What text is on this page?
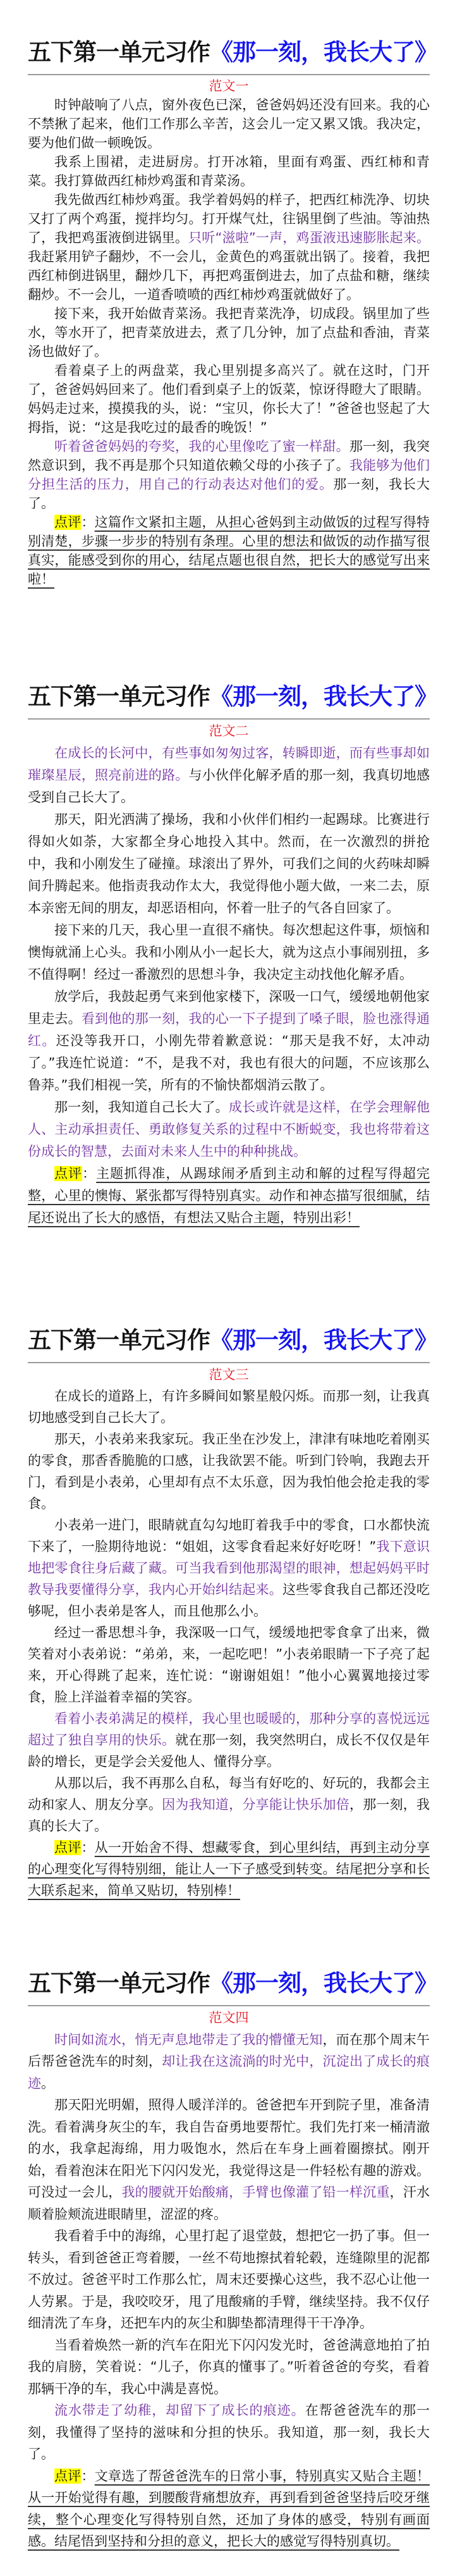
五下第一单元习作《那一刻，我长大了》
范文一

时钟敲响了八点，窗外夜色已深，爸爸妈妈还没有回来。我的心不禁揪了起来，他们工作那么辛苦，这会儿一定又累又饿。我决定，要为他们做一顿晚饭。

我系上围裙，走进厨房。打开冰箱，里面有鸡蛋、西红柿和青菜。我打算做西红柿炒鸡蛋和青菜汤。

我先做西红柿炒鸡蛋。我学着妈妈的样子，把西红柿洗净、切块又打了两个鸡蛋，搅拌均匀。打开煤气灶，往锅里倒了些油。等油热了，我把鸡蛋液倒进锅里。只听“滋啦”一声，鸡蛋液迅速膨胀起来。我赶紧用铲子翻炒，不一会儿，金黄色的鸡蛋就出锅了。接着，我把西红柿倒进锅里，翻炒几下，再把鸡蛋倒进去，加了点盐和糖，继续翻炒。不一会儿，一道香喷喷的西红柿炒鸡蛋就做好了。

接下来，我开始做青菜汤。我把青菜洗净，切成段。锅里加了些水，等水开了，把青菜放进去，煮了几分钟，加了点盐和香油，青菜汤也做好了。

看着桌子上的两盘菜，我心里别提多高兴了。就在这时，门开了，爸爸妈妈回来了。他们看到桌子上的饭菜，惊讶得瞪大了眼睛。妈妈走过来，摸摸我的头，说：“宝贝，你长大了！”爸爸也竖起了大拇指，说：“这是我吃过的最香的晚饭！”

听着爸爸妈妈的夸奖，我的心里像吃了蜜一样甜。那一刻，我突然意识到，我不再是那个只知道依赖父母的小孩子了。我能够为他们分担生活的压力，用自己的行动表达对他们的爱。那一刻，我长大了。

点评：这篇作文紧扣主题，从担心爸妈到主动做饭的过程写得特别清楚，步骤一步步的特别有条理。心里的想法和做饭的动作描写很真实，能感受到你的用心，结尾点题也很自然，把长大的感觉写出来啦！

五下第一单元习作《那一刻，我长大了》
范文二

在成长的长河中，有些事如匆匆过客，转瞬即逝，而有些事却如璀璨星辰，照亮前进的路。与小伙伴化解矛盾的那一刻，我真切地感受到自己长大了。

那天，阳光洒满了操场，我和小伙伴们相约一起踢球。比赛进行得如火如荼，大家都全身心地投入其中。然而，在一次激烈的拼抢中，我和小刚发生了碰撞。球滚出了界外，可我们之间的火药味却瞬间升腾起来。他指责我动作太大，我觉得他小题大做，一来二去，原本亲密无间的朋友，却恶语相向，怀着一肚子的气各自回家了。

接下来的几天，我心里一直很不痛快。每次想起这件事，烦恼和懊悔就涌上心头。我和小刚从小一起长大，就为这点小事闹别扭，多不值得啊！经过一番激烈的思想斗争，我决定主动找他化解矛盾。

放学后，我鼓起勇气来到他家楼下，深吸一口气，缓缓地朝他家里走去。看到他的那一刻，我的心一下子提到了嗓子眼，脸也涨得通红。还没等我开口，小刚先带着歉意说：“那天是我不好，太冲动了。”我连忙说道：“不，是我不对，我也有很大的问题，不应该那么鲁莽。”我们相视一笑，所有的不愉快都烟消云散了。

那一刻，我知道自己长大了。成长或许就是这样，在学会理解他人、主动承担责任、勇敢修复关系的过程中不断蜕变，我也将带着这份成长的智慧，去面对未来人生中的种种挑战。

点评：主题抓得准，从踢球闹矛盾到主动和解的过程写得超完整，心里的懊悔、紧张都写得特别真实。动作和神态描写很细腻，结尾还说出了长大的感悟，有想法又贴合主题，特别出彩！

五下第一单元习作《那一刻，我长大了》
范文三

在成长的道路上，有许多瞬间如繁星般闪烁。而那一刻，让我真切地感受到自己长大了。

那天，小表弟来我家玩。我正坐在沙发上，津津有味地吃着刚买的零食，那香香脆脆的口感，让我欲罢不能。听到门铃响，我跑去开门，看到是小表弟，心里却有点不太乐意，因为我怕他会抢走我的零食。

小表弟一进门，眼睛就直勾勾地盯着我手中的零食，口水都快流下来了，一脸期待地说：“姐姐，这零食看起来好好吃呀！”我下意识地把零食往身后藏了藏。可当我看到他那渴望的眼神，想起妈妈平时教导我要懂得分享，我内心开始纠结起来。这些零食我自己都还没吃够呢，但小表弟是客人，而且他那么小。

经过一番思想斗争，我深吸一口气，缓缓地把零食拿了出来，微笑着对小表弟说：“弟弟，来，一起吃吧！”小表弟眼睛一下子亮了起来，开心得跳了起来，连忙说：“谢谢姐姐！”他小心翼翼地接过零食，脸上洋溢着幸福的笑容。

看着小表弟满足的模样，我心里也暖暖的，那种分享的喜悦远远超过了独自享用的快乐。就在那一刻，我突然明白，成长不仅仅是年龄的增长，更是学会关爱他人、懂得分享。

从那以后，我不再那么自私，每当有好吃的、好玩的，我都会主动和家人、朋友分享。因为我知道，分享能让快乐加倍，那一刻，我真的长大了。

点评：从一开始舍不得、想藏零食，到心里纠结，再到主动分享的心理变化写得特别细，能让人一下子感受到转变。结尾把分享和长大联系起来，简单又贴切，特别棒！

五下第一单元习作《那一刻，我长大了》
范文四

时间如流水，悄无声息地带走了我的懵懂无知，而在那个周末午后帮爸爸洗车的时刻，却让我在这流淌的时光中，沉淀出了成长的痕迹。

那天阳光明媚，照得人暖洋洋的。爸爸把车开到院子里，准备清洗。看着满身灰尘的车，我自告奋勇地要帮忙。我们先打来一桶清澈的水，我拿起海绵，用力吸饱水，然后在车身上画着圈擦拭。刚开始，看着泡沫在阳光下闪闪发光，我觉得这是一件轻松有趣的游戏。可没过一会儿，我的腰就开始酸痛，手臂也像灌了铅一样沉重，汗水顺着脸颊流进眼睛里，涩涩的疼。

我看着手中的海绵，心里打起了退堂鼓，想把它一扔了事。但一转头，看到爸爸正弯着腰，一丝不苟地擦拭着轮毂，连缝隙里的泥都不放过。爸爸平时工作那么忙，周末还要操心这些，我不忍心让他一人劳累。于是，我咬咬牙，甩了甩酸痛的手臂，继续坚持。我不仅仔细清洗了车身，还把车内的灰尘和脚垫都清理得干干净净。

当看着焕然一新的汽车在阳光下闪闪发光时，爸爸满意地拍了拍我的肩膀，笑着说：“儿子，你真的懂事了。”听着爸爸的夸奖，看着那辆干净的车，我心中满是喜悦。

流水带走了幼稚，却留下了成长的痕迹。在帮爸爸洗车的那一刻，我懂得了坚持的滋味和分担的快乐。我知道，那一刻，我长大了。

点评：文章选了帮爸爸洗车的日常小事，特别真实又贴合主题！从一开始觉得有趣，到腰酸背痛想放弃，再到看到爸爸坚持后咬牙继续，整个心理变化写得特别自然，还加了身体的感受，特别有画面感。结尾悟到坚持和分担的意义，把长大的感觉写得特别真切。
